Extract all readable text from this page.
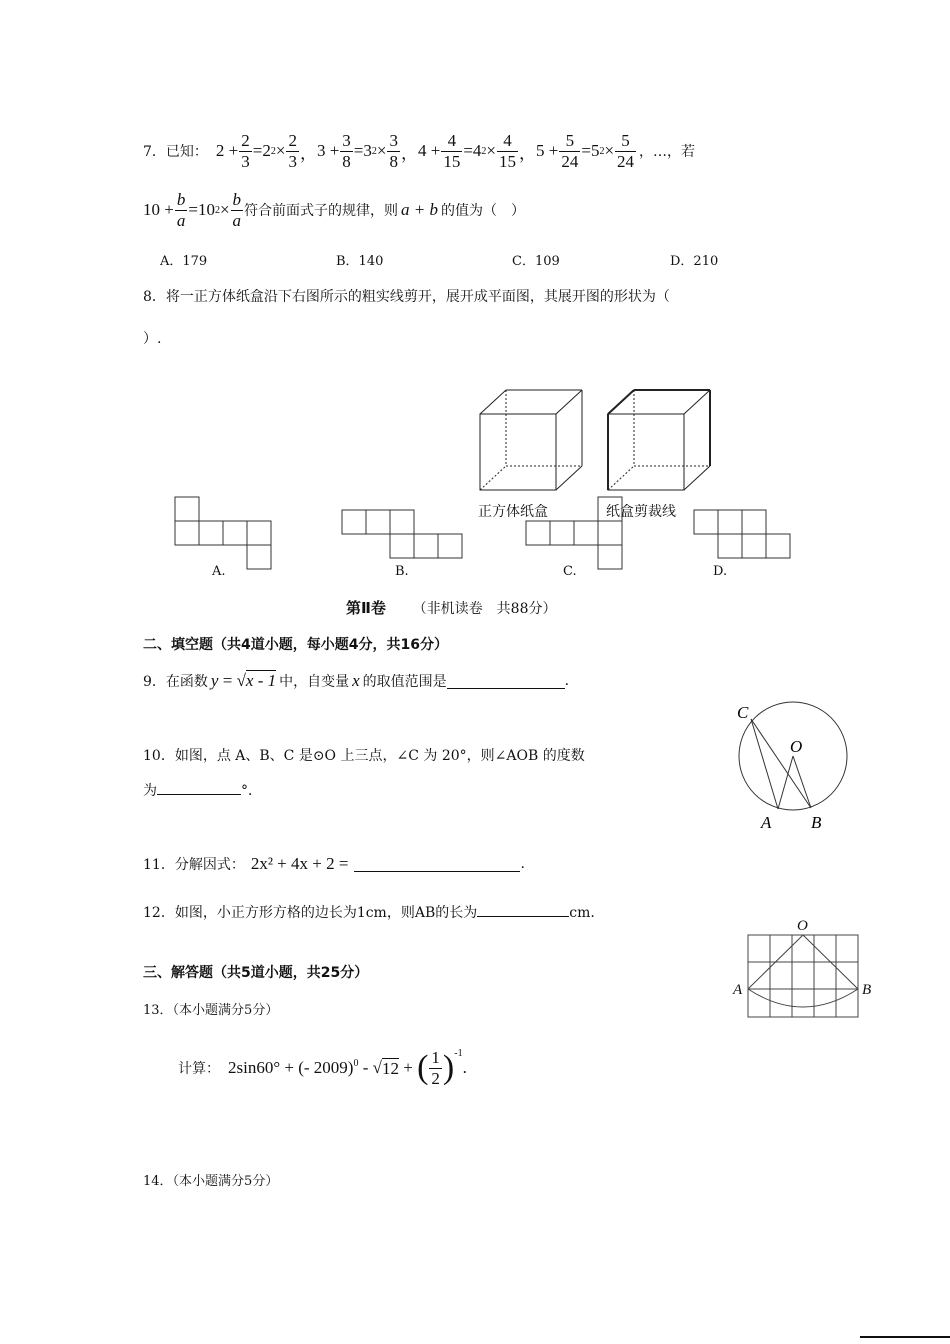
7． 已知： $2 + \frac{2}{3} = 2$ $2 \times \frac{2}{3}$ ， $3 + \frac{3}{8} = 3$ $2 \times \frac{3}{8}$ ， $4 + \frac{4}{15} = 4$ $2 \times \frac{4}{15}$ ， $5 + \frac{5}{24} = 5$ $2 \times \frac{5}{24}$ ，…，若
$10 + \frac{b}{a} = 10$ $2 \times \frac{b}{a}$ 符合前面式子的规律，则 a + b 的值为（　）
A．179	B．140	C．109	D．210
8．将一正方体纸盒沿下右图所示的粗实线剪开，展开成平面图，其展开图的形状为（
）.
正方体纸盒	纸盒剪裁线
A.	B.	C.	D.
第Ⅱ卷 （非机读卷　共88分）
二、填空题（共4道小题，每小题4分，共16分）
9．在函数 y = √x - 1 中，自变量 x 的取值范围是	.
10．如图，点 A、B、C 是⊙O 上三点，∠C 为 20°，则∠AOB 的度数
为	°．
C
O
A B
11．分解因式： 2x² + 4x + 2 =	.
12．如图，小正方形方格的边长为1cm，则AB的长为	cm.
O
A	B
三、解答题（共5道小题，共25分）
13．（本小题满分5分）
计算： 2sin60° + (- 2009)$^0$ - √ 12 + ( $\frac{1}{2} )^{-1}$
.
14．（本小题满分5分）
